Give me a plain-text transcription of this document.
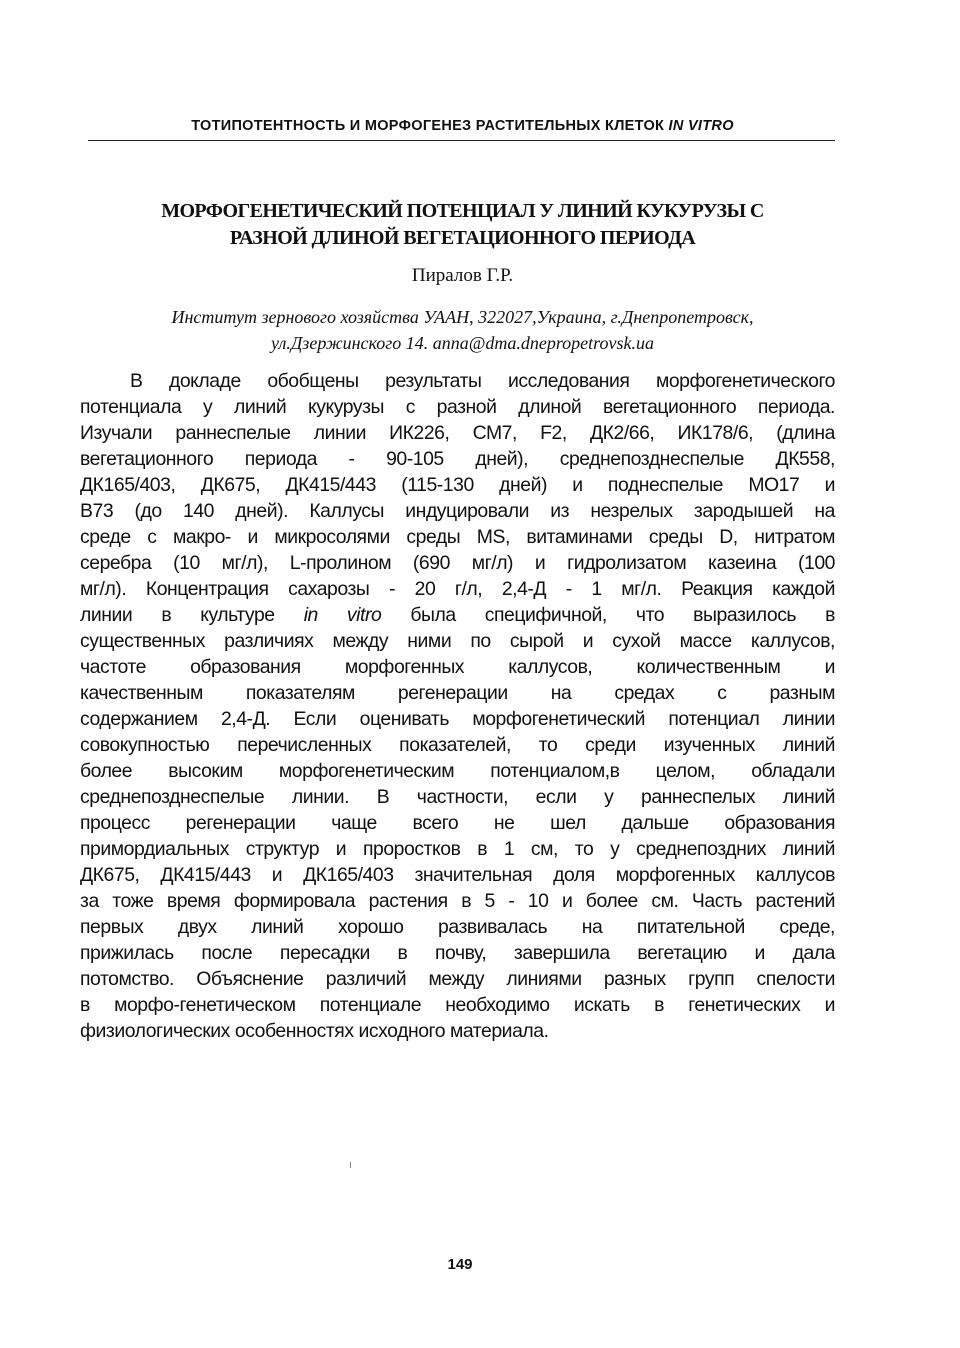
ТОТИПОТЕНТНОСТЬ И МОРФОГЕНЕЗ РАСТИТЕЛЬНЫХ КЛЕТОК IN VITRO
МОРФОГЕНЕТИЧЕСКИЙ ПОТЕНЦИАЛ У ЛИНИЙ КУКУРУЗЫ С
РАЗНОЙ ДЛИНОЙ ВЕГЕТАЦИОННОГО ПЕРИОДА
Пиралов Г.Р.
Институт зернового хозяйства УААН, 322027,Украина, г.Днепропетровск,
ул.Дзержинского 14. anna@dma.dnepropetrovsk.ua
В докладе обобщены результаты исследования морфогенетического
потенциала у линий кукурузы с разной длиной вегетационного периода.
Изучали раннеспелые линии ИК226, СМ7, F2, ДК2/66, ИК178/6, (длина
вегетационного периода - 90-105 дней), среднепозднеспелые ДК558,
ДК165/403, ДК675, ДК415/443 (115-130 дней) и поднеспелые МО17 и
В73 (до 140 дней). Каллусы индуцировали из незрелых зародышей на
среде с макро- и микросолями среды MS, витаминами среды D, нитратом
серебра (10 мг/л), L-пролином (690 мг/л) и гидролизатом казеина (100
мг/л). Концентрация сахарозы - 20 г/л, 2,4-Д - 1 мг/л. Реакция каждой
линии в культуре in vitro была специфичной, что выразилось в
существенных различиях между ними по сырой и сухой массе каллусов,
частоте образования морфогенных каллусов, количественным и
качественным показателям регенерации на средах с разным
содержанием 2,4-Д. Если оценивать морфогенетический потенциал линии
совокупностью перечисленных показателей, то среди изученных линий
более высоким морфогенетическим потенциалом,в целом, обладали
среднепозднеспелые линии. В частности, если у раннеспелых линий
процесс регенерации чаще всего не шел дальше образования
примордиальных структур и проростков в 1 см, то у среднепоздних линий
ДК675, ДК415/443 и ДК165/403 значительная доля морфогенных каллусов
за тоже время формировала растения в 5 - 10 и более см. Часть растений
первых двух линий хорошо развивалась на питательной среде,
прижилась после пересадки в почву, завершила вегетацию и дала
потомство. Объяснение различий между линиями разных групп спелости
в морфо-генетическом потенциале необходимо искать в генетических и
физиологических особенностях исходного материала.
149
